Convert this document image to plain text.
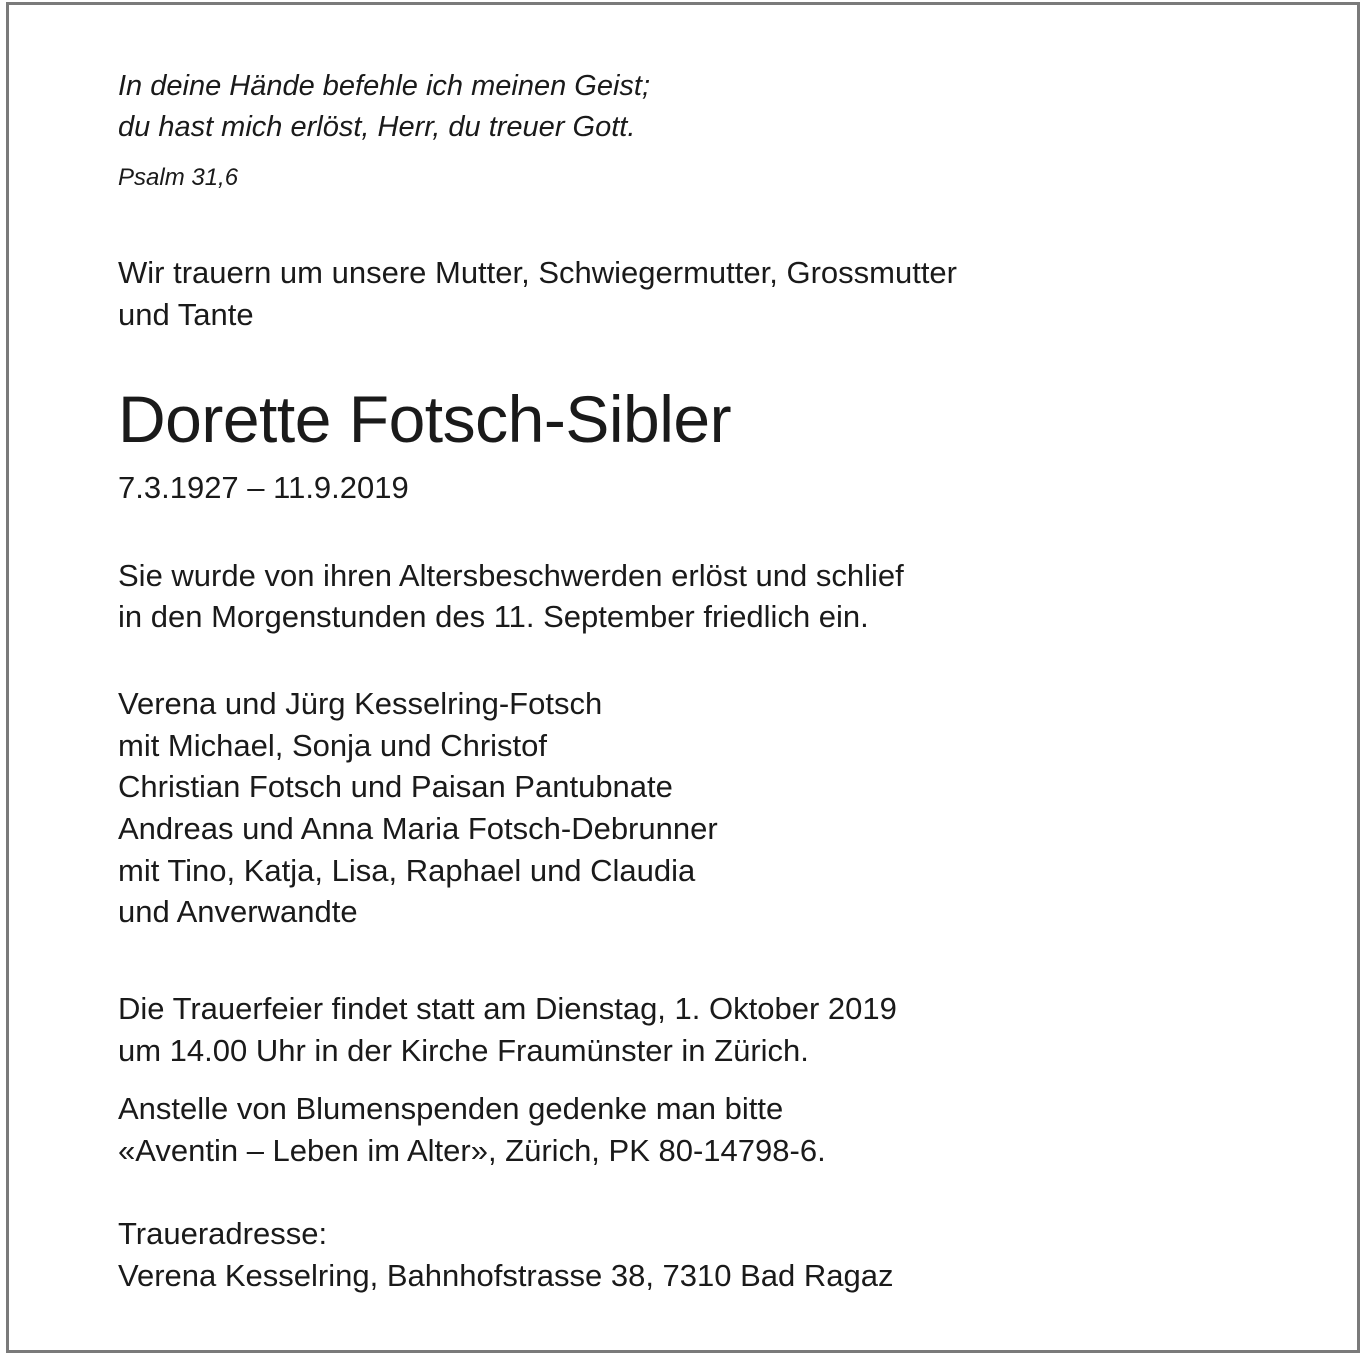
In deine Hände befehle ich meinen Geist;
du hast mich erlöst, Herr, du treuer Gott.
Psalm 31,6
Wir trauern um unsere Mutter, Schwiegermutter, Grossmutter
und Tante
Dorette Fotsch-Sibler
7.3.1927 – 11.9.2019
Sie wurde von ihren Altersbeschwerden erlöst und schlief
in den Morgenstunden des 11. September friedlich ein.
Verena und Jürg Kesselring-Fotsch
mit Michael, Sonja und Christof
Christian Fotsch und Paisan Pantubnate
Andreas und Anna Maria Fotsch-Debrunner
mit Tino, Katja, Lisa, Raphael und Claudia
und Anverwandte
Die Trauerfeier findet statt am Dienstag, 1. Oktober 2019
um 14.00 Uhr in der Kirche Fraumünster in Zürich.
Anstelle von Blumenspenden gedenke man bitte
«Aventin – Leben im Alter», Zürich, PK 80-14798-6.
Traueradresse:
Verena Kesselring, Bahnhofstrasse 38, 7310 Bad Ragaz
